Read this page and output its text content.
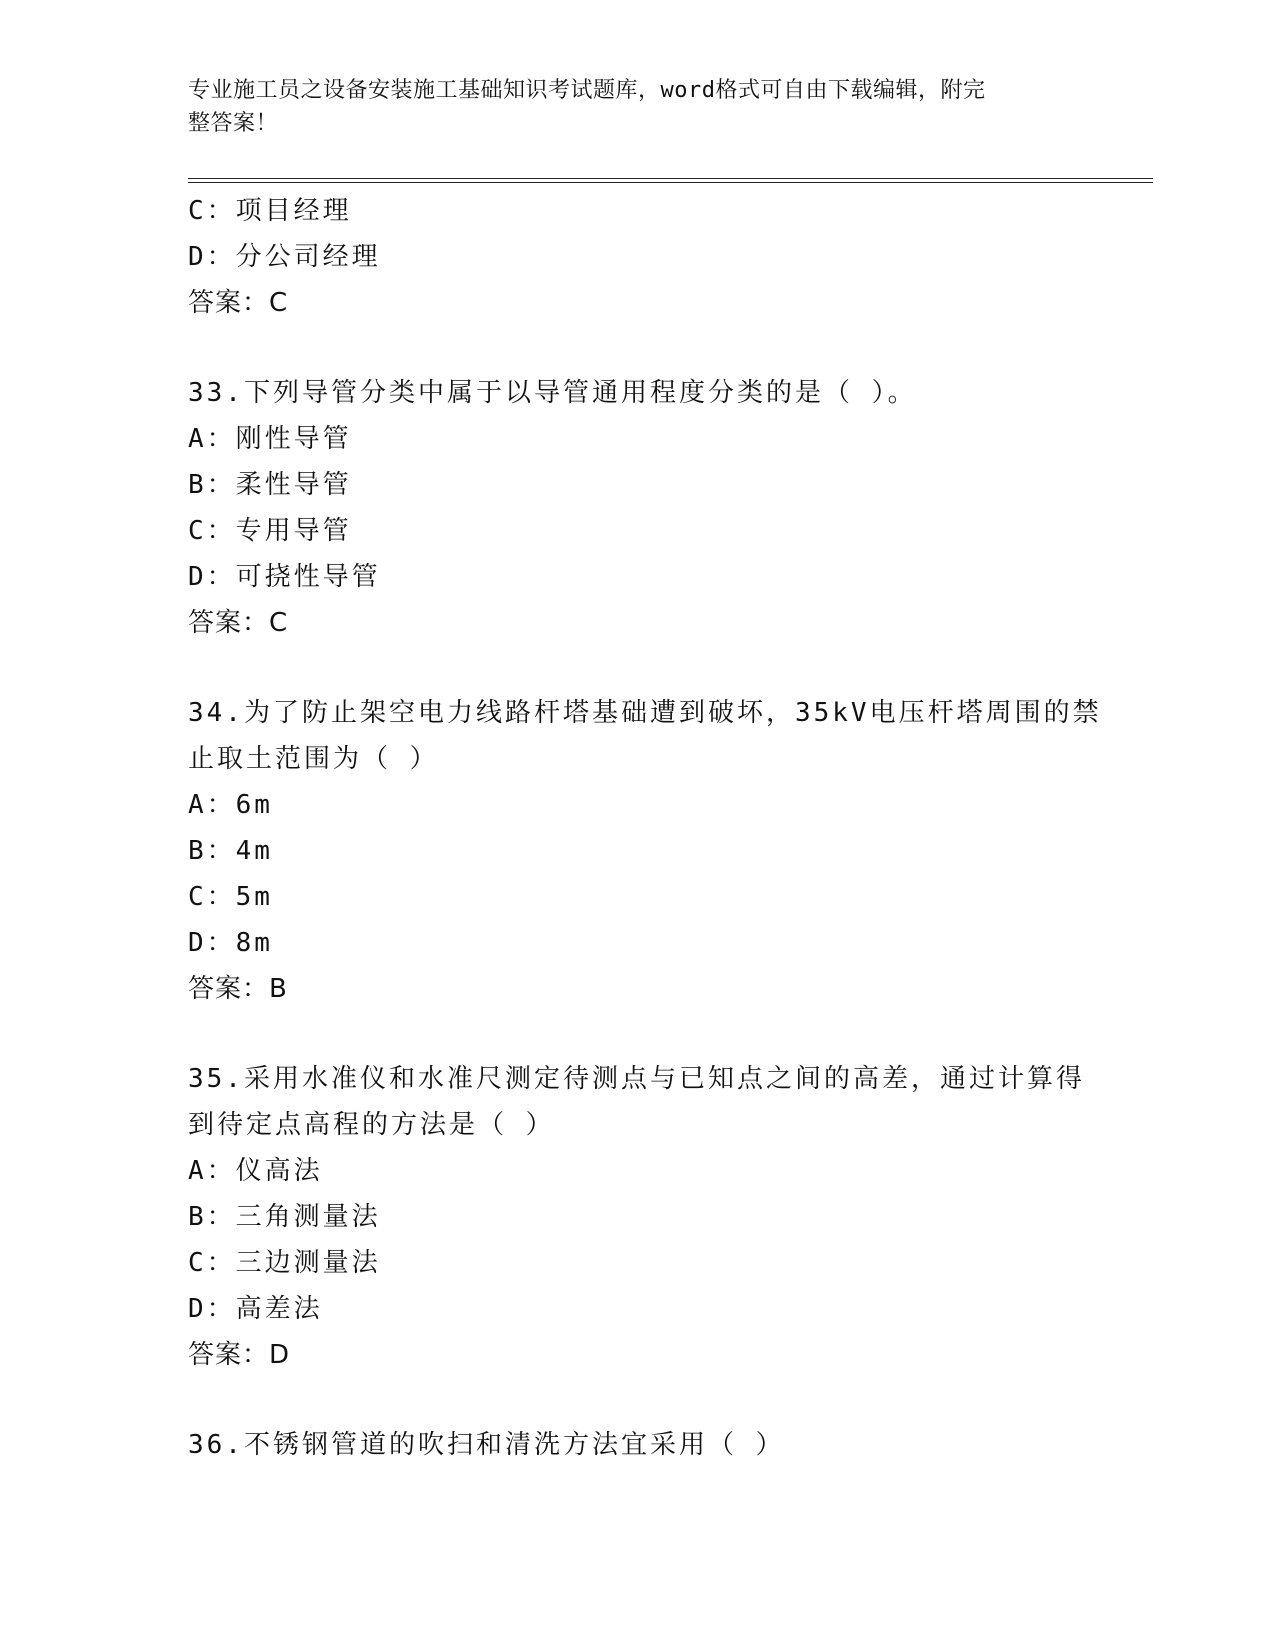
专业施工员之设备安装施工基础知识考试题库，word格式可自由下载编辑，附完
整答案！
C：项目经理
D：分公司经理
答案：C
33.下列导管分类中属于以导管通用程度分类的是（ ）。
A：刚性导管
B：柔性导管
C：专用导管
D：可挠性导管
答案：C
34.为了防止架空电力线路杆塔基础遭到破坏，35kV电压杆塔周围的禁
止取土范围为（ ）
A：6m
B：4m
C：5m
D：8m
答案：B
35.采用水准仪和水准尺测定待测点与已知点之间的高差，通过计算得
到待定点高程的方法是（ ）
A：仪高法
B：三角测量法
C：三边测量法
D：高差法
答案：D
36.不锈钢管道的吹扫和清洗方法宜采用（ ）
